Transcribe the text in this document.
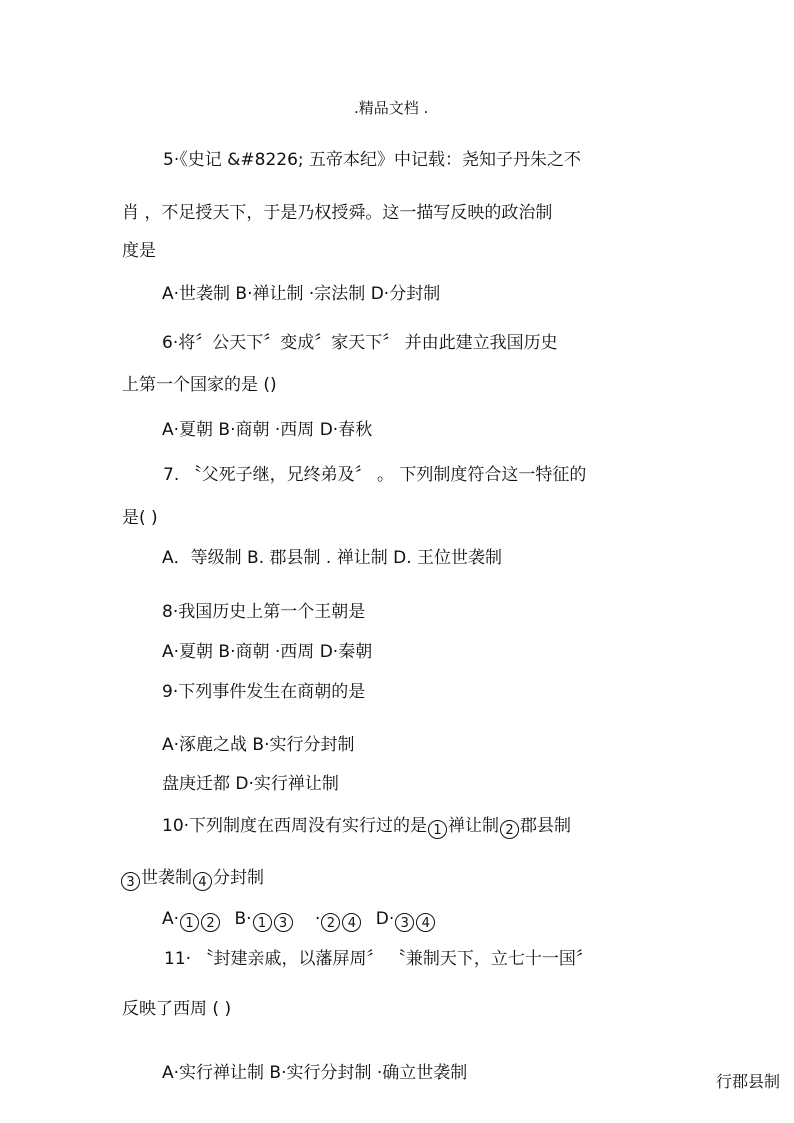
.精品文档 .
5·《史记 &#8226; 五帝本纪》中记载：尧知子丹朱之不
肖 ，不足授天下，于是乃权授舜。这一描写反映的政治制
度是
A·世袭制 B·禅让制 ·宗法制 D·分封制
6·将〞公天下〞变成〞家天下〞 并由此建立我国历史
上第一个国家的是 ()
A·夏朝 B·商朝 ·西周 D·春秋
7. 〝父死子继，兄终弟及〞 。 下列制度符合这一特征的
是( )
A．等级制 B. 郡县制 . 禅让制 D. 王位世袭制
8·我国历史上第一个王朝是
A·夏朝 B·商朝 ·西周 D·秦朝
9·下列事件发生在商朝的是
A·涿鹿之战 B·实行分封制
盘庚迁都 D·实行禅让制
10·下列制度在西周没有实行过的是 1 禅让制 2 郡县制
3 世袭制 4 分封制
A· 1 2 B· 1 3 · 2 4 D· 3 4
11· 〝封建亲戚，以藩屏周〞 〝兼制天下，立七十一国〞
反映了西周 ( )
A·实行禅让制 B·实行分封制 ·确立世袭制	行郡县制
